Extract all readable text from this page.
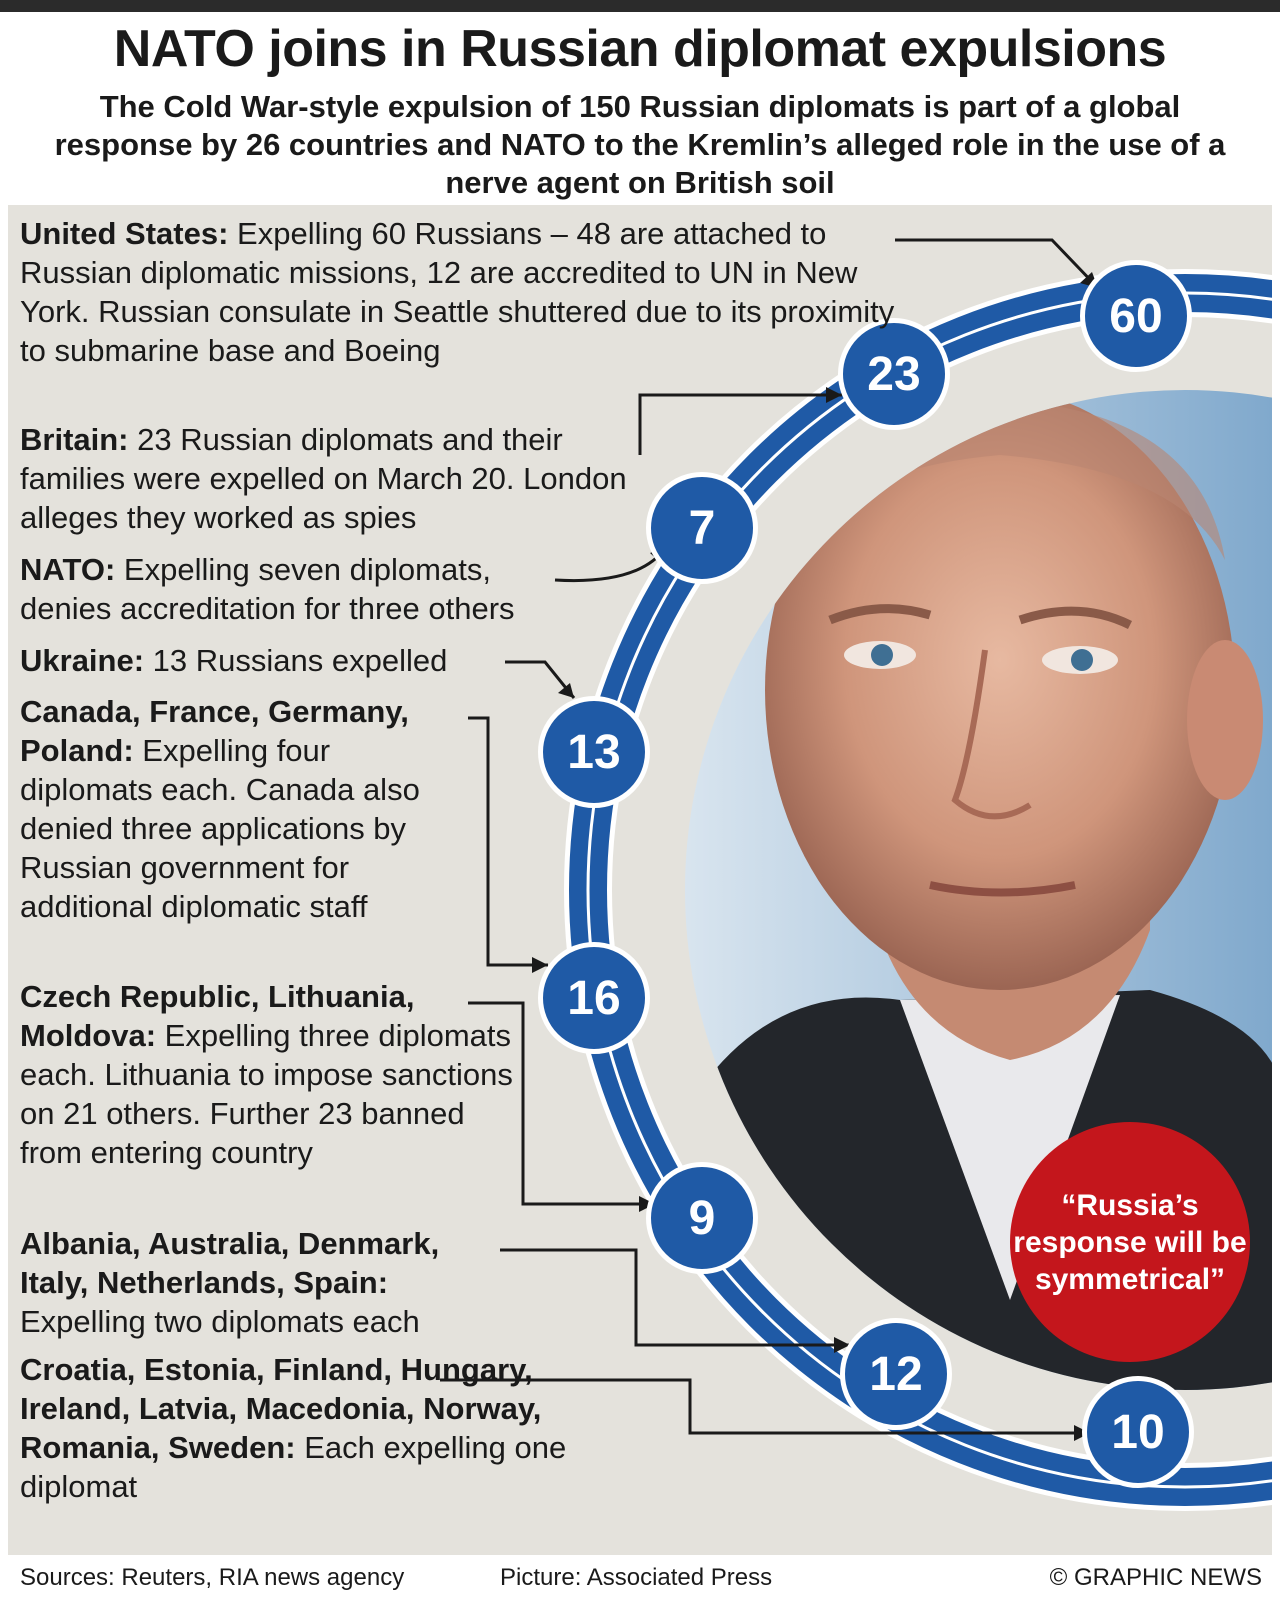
NATO joins in Russian diplomat expulsions
The Cold War-style expulsion of 150 Russian diplomats is part of a global response by 26 countries and NATO to the Kremlin’s alleged role in the use of a nerve agent on British soil
60
23
7
13
16
9
12
10
“Russia’s response will be symmetrical”
United States: Expelling 60 Russians – 48 are attached to Russian diplomatic missions, 12 are accredited to UN in New York. Russian consulate in Seattle shuttered due to its proximity to submarine base and Boeing
Britain: 23 Russian diplomats and their families were expelled on March 20. London alleges they worked as spies
NATO: Expelling seven diplomats, denies accreditation for three others
Ukraine: 13 Russians expelled
Canada, France, Germany, Poland: Expelling four diplomats each. Canada also denied three applications by Russian government for additional diplomatic staff
Czech Republic, Lithuania, Moldova: Expelling three diplomats each. Lithuania to impose sanctions on 21 others. Further 23 banned from entering country
Albania, Australia, Denmark, Italy, Netherlands, Spain: Expelling two diplomats each
Croatia, Estonia, Finland, Hungary, Ireland, Latvia, Macedonia, Norway, Romania, Sweden: Each expelling one diplomat
Sources: Reuters, RIA news agency	Picture: Associated Press	© GRAPHIC NEWS
